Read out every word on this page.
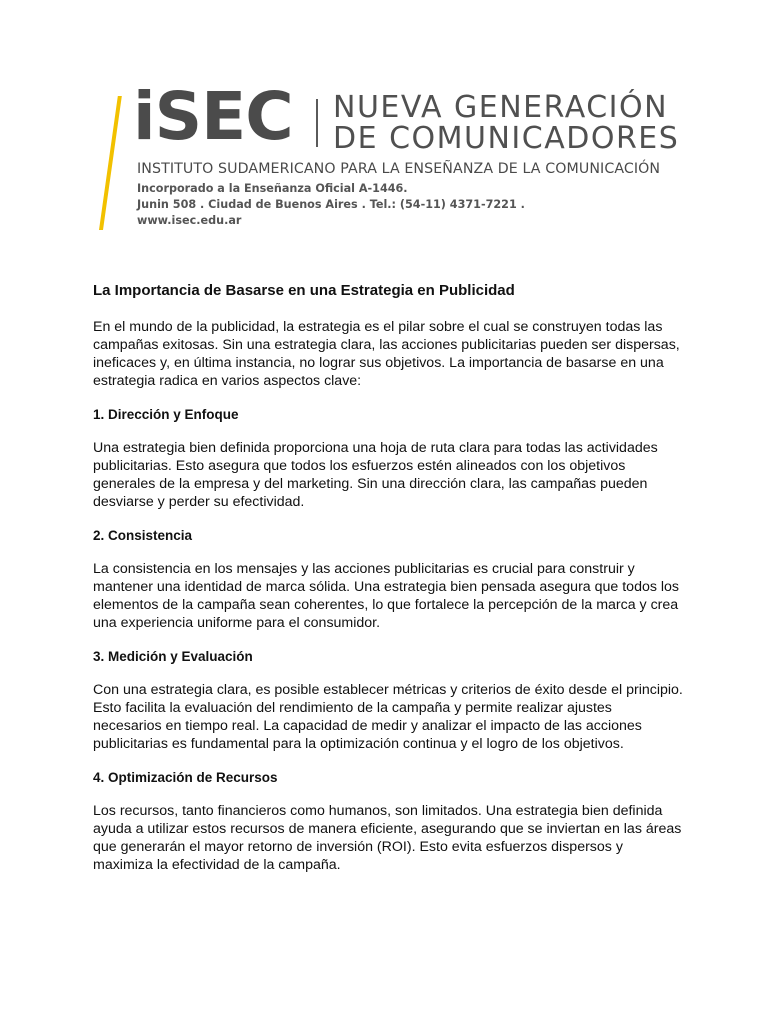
iSEC NUEVA GENERACIÓN
DE COMUNICADORES
INSTITUTO SUDAMERICANO PARA LA ENSEÑANZA DE LA COMUNICACIÓN
Incorporado a la Enseñanza Oficial A-1446.
Junin 508 . Ciudad de Buenos Aires . Tel.: (54-11) 4371-7221 .
www.isec.edu.ar
La Importancia de Basarse en una Estrategia en Publicidad

En el mundo de la publicidad, la estrategia es el pilar sobre el cual se construyen todas las campañas exitosas. Sin una estrategia clara, las acciones publicitarias pueden ser dispersas, ineficaces y, en última instancia, no lograr sus objetivos. La importancia de basarse en una estrategia radica en varios aspectos clave:

1. Dirección y Enfoque

Una estrategia bien definida proporciona una hoja de ruta clara para todas las actividades publicitarias. Esto asegura que todos los esfuerzos estén alineados con los objetivos generales de la empresa y del marketing. Sin una dirección clara, las campañas pueden desviarse y perder su efectividad.

2. Consistencia

La consistencia en los mensajes y las acciones publicitarias es crucial para construir y mantener una identidad de marca sólida. Una estrategia bien pensada asegura que todos los elementos de la campaña sean coherentes, lo que fortalece la percepción de la marca y crea una experiencia uniforme para el consumidor.

3. Medición y Evaluación

Con una estrategia clara, es posible establecer métricas y criterios de éxito desde el principio. Esto facilita la evaluación del rendimiento de la campaña y permite realizar ajustes necesarios en tiempo real. La capacidad de medir y analizar el impacto de las acciones publicitarias es fundamental para la optimización continua y el logro de los objetivos.

4. Optimización de Recursos

Los recursos, tanto financieros como humanos, son limitados. Una estrategia bien definida ayuda a utilizar estos recursos de manera eficiente, asegurando que se inviertan en las áreas que generarán el mayor retorno de inversión (ROI). Esto evita esfuerzos dispersos y maximiza la efectividad de la campaña.
